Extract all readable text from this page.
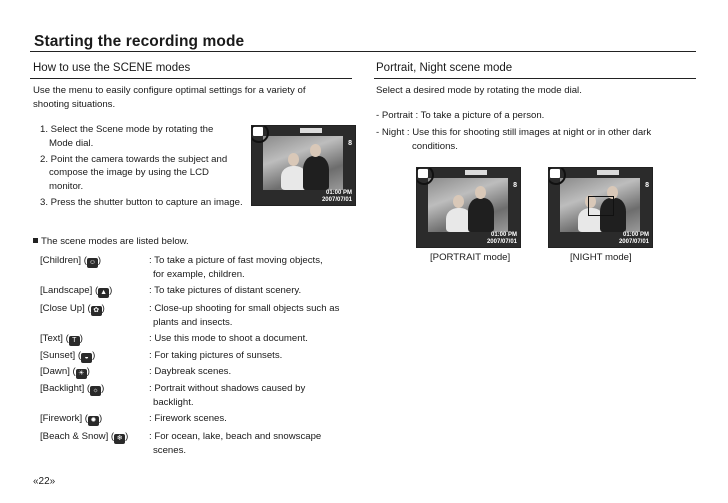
Starting the recording mode
How to use the SCENE modes
Use the menu to easily configure optimal settings for a variety of
shooting situations.
1. Select the Scene mode by rotating the
Mode dial.
2. Point the camera towards the subject and
compose the image by using the LCD
monitor.
3. Press the shutter button to capture an image.
8
01:00 PM
2007/07/01
The scene modes are listed below.
[Children] ( ☺ )	: To take a picture of fast moving objects,
for example, children.
[Landscape] ( ▲ )	: To take pictures of distant scenery.
[Close Up] ( ✿ )	: Close-up shooting for small objects such as
plants and insects.
[Text] ( T )	: Use this mode to shoot a document.
[Sunset] ( ◒ )	: For taking pictures of sunsets.
[Dawn] ( ☀ )	: Daybreak scenes.
[Backlight] ( ☼ )	: Portrait without shadows caused by
backlight.
[Firework] ( ✹ )	: Firework scenes.
[Beach & Snow] ( ❄ ) : For ocean, lake, beach and snowscape
scenes.
Portrait, Night scene mode
Select a desired mode by rotating the mode dial.
- Portrait : To take a picture of a person.
- Night : Use this for shooting still images at night or in other dark
conditions.
8
01:00 PM
2007/07/01
8
01:00 PM
2007/07/01
[PORTRAIT mode]	[NIGHT mode]
«22»
